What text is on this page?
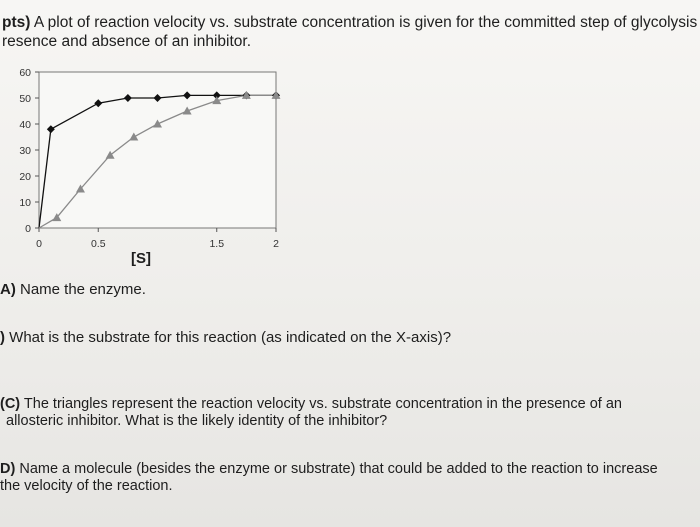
pts) A plot of reaction velocity vs. substrate concentration is given for the committed step of glycolysis
resence and absence of an inhibitor.
0
10
20
30
40
50
60
0	0.5	1.5	2
[S]
A) Name the enzyme.
) What is the substrate for this reaction (as indicated on the X-axis)?
(C) The triangles represent the reaction velocity vs. substrate concentration in the presence of an
allosteric inhibitor. What is the likely identity of the inhibitor?
D) Name a molecule (besides the enzyme or substrate) that could be added to the reaction to increase
the velocity of the reaction.
